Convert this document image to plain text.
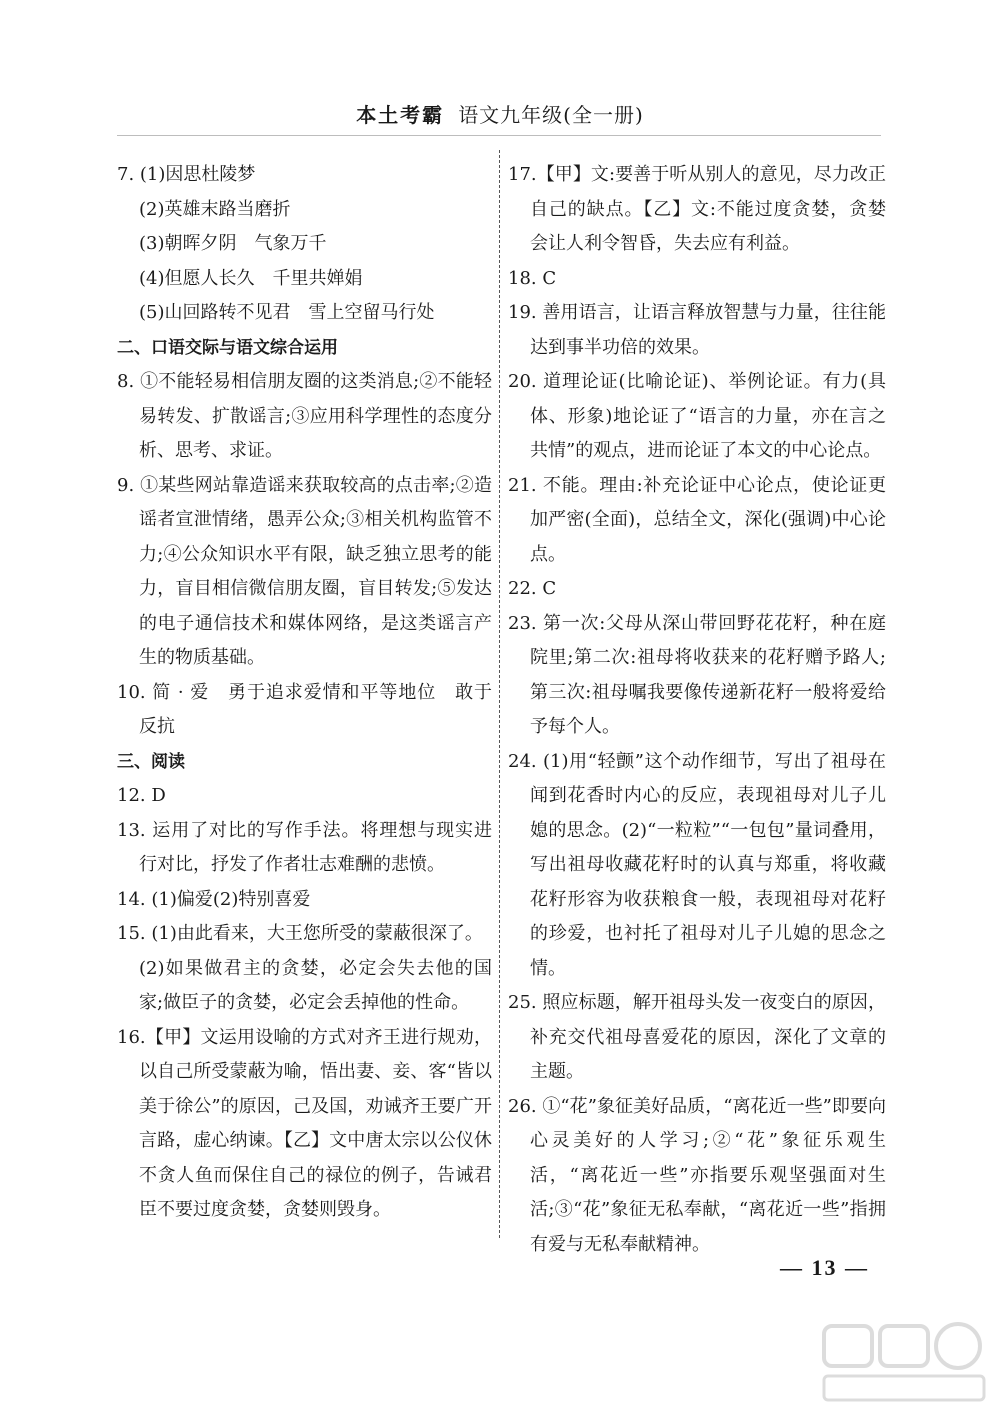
本土考霸 语文九年级(全一册)

7. (1)因思杜陵梦

(2)英雄末路当磨折

(3)朝晖夕阴　气象万千

(4)但愿人长久　千里共婵娟

(5)山回路转不见君　雪上空留马行处

二、口语交际与语文综合运用

8. ①不能轻易相信朋友圈的这类消息;②不能轻易转发、扩散谣言;③应用科学理性的态度分析、思考、求证。

9. ①某些网站靠造谣来获取较高的点击率;②造谣者宣泄情绪，愚弄公众;③相关机构监管不力;④公众知识水平有限，缺乏独立思考的能力，盲目相信微信朋友圈，盲目转发;⑤发达的电子通信技术和媒体网络，是这类谣言产生的物质基础。

10. 简 · 爱　勇于追求爱情和平等地位　敢于反抗

三、阅读

12. D

13. 运用了对比的写作手法。将理想与现实进行对比，抒发了作者壮志难酬的悲愤。

14. (1)偏爱(2)特别喜爱

15. (1)由此看来，大王您所受的蒙蔽很深了。

(2)如果做君主的贪婪，必定会失去他的国家;做臣子的贪婪，必定会丢掉他的性命。

16.【甲】文运用设喻的方式对齐王进行规劝，以自己所受蒙蔽为喻，悟出妻、妾、客“皆以美于徐公”的原因，己及国，劝诫齐王要广开言路，虚心纳谏。【乙】文中唐太宗以公仪休不贪人鱼而保住自己的禄位的例子，告诫君臣不要过度贪婪，贪婪则毁身。

17.【甲】文:要善于听从别人的意见，尽力改正自己的缺点。【乙】文:不能过度贪婪，贪婪会让人利令智昏，失去应有利益。

18. C

19. 善用语言，让语言释放智慧与力量，往往能达到事半功倍的效果。

20. 道理论证(比喻论证)、举例论证。有力(具体、形象)地论证了“语言的力量，亦在言之共情”的观点，进而论证了本文的中心论点。

21. 不能。理由:补充论证中心论点，使论证更加严密(全面)，总结全文，深化(强调)中心论点。

22. C

23. 第一次:父母从深山带回野花花籽，种在庭院里;第二次:祖母将收获来的花籽赠予路人;第三次:祖母嘱我要像传递新花籽一般将爱给予每个人。

24. (1)用“轻颤”这个动作细节，写出了祖母在闻到花香时内心的反应，表现祖母对儿子儿媳的思念。(2)“一粒粒”“一包包”量词叠用，写出祖母收藏花籽时的认真与郑重，将收藏花籽形容为收获粮食一般，表现祖母对花籽的珍爱，也衬托了祖母对儿子儿媳的思念之情。

25. 照应标题，解开祖母头发一夜变白的原因，补充交代祖母喜爱花的原因，深化了文章的主题。

26. ①“花”象征美好品质，“离花近一些”即要向心灵美好的人学习;②“花”象征乐观生活，“离花近一些”亦指要乐观坚强面对生活;③“花”象征无私奉献，“离花近一些”指拥有爱与无私奉献精神。

— 13 —
